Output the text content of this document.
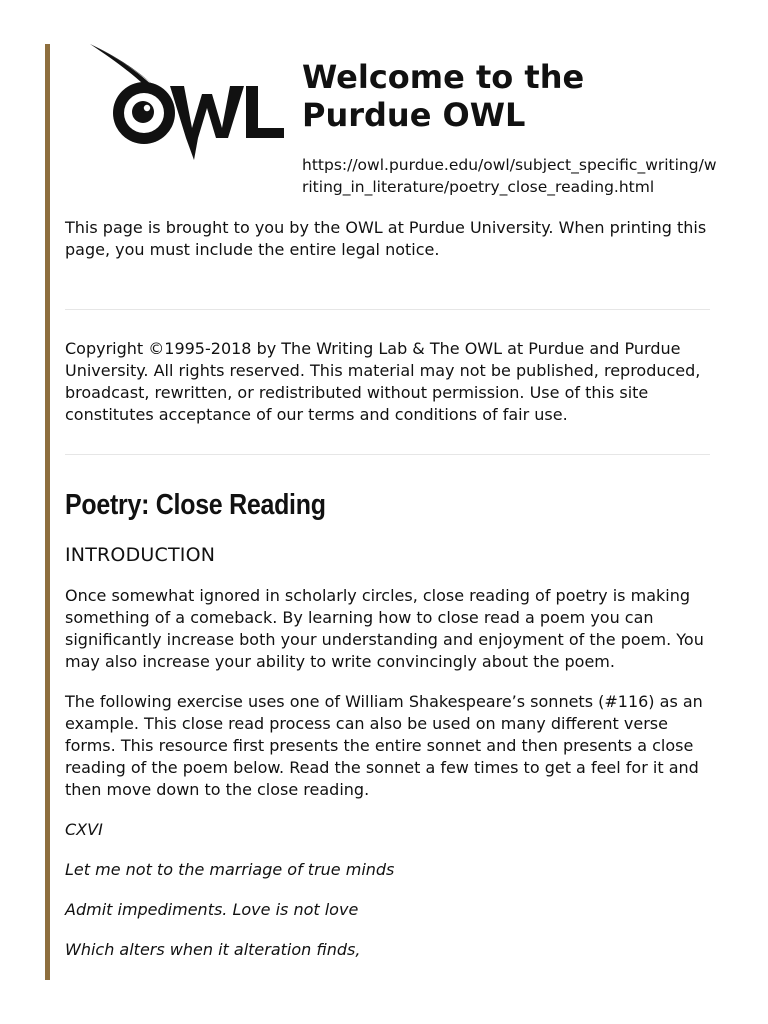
Welcome to the Purdue OWL
https://owl.purdue.edu/owl/subject_specific_writing/writing_in_literature/poetry_close_reading.html

This page is brought to you by the OWL at Purdue University. When printing this page, you must include the entire legal notice.

Copyright ©1995-2018 by The Writing Lab & The OWL at Purdue and Purdue University. All rights reserved. This material may not be published, reproduced, broadcast, rewritten, or redistributed without permission. Use of this site constitutes acceptance of our terms and conditions of fair use.

Poetry: Close Reading
INTRODUCTION

Once somewhat ignored in scholarly circles, close reading of poetry is making something of a comeback. By learning how to close read a poem you can significantly increase both your understanding and enjoyment of the poem. You may also increase your ability to write convincingly about the poem.

The following exercise uses one of William Shakespeare’s sonnets (#116) as an example. This close read process can also be used on many different verse forms. This resource first presents the entire sonnet and then presents a close reading of the poem below. Read the sonnet a few times to get a feel for it and then move down to the close reading.

CXVI

Let me not to the marriage of true minds

Admit impediments. Love is not love

Which alters when it alteration finds,
